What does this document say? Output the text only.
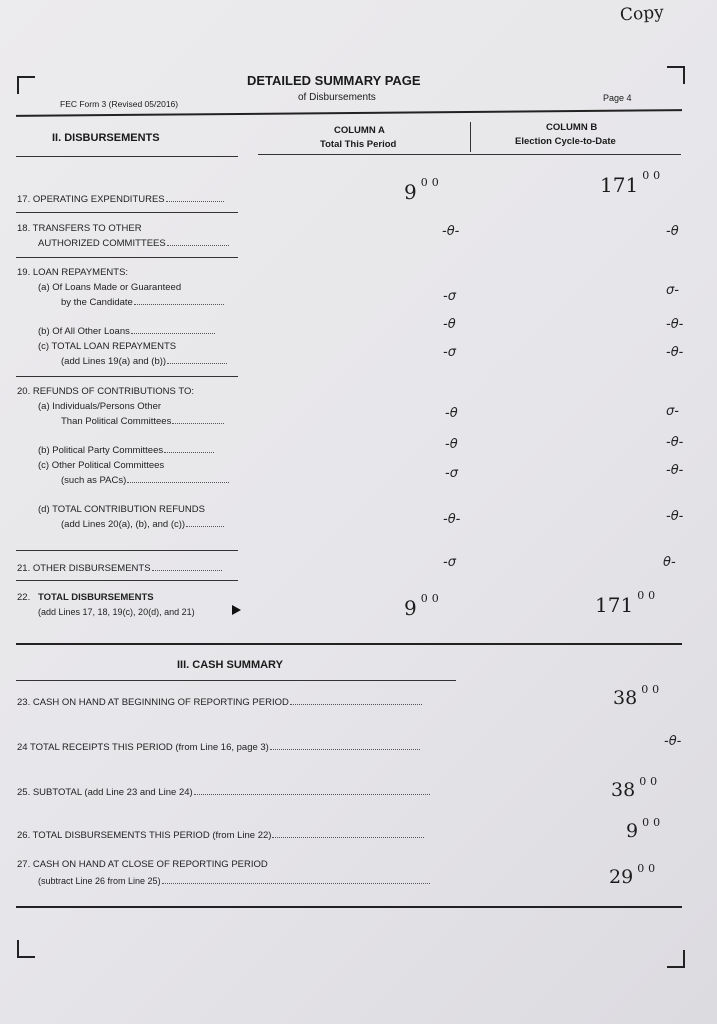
Copy
DETAILED SUMMARY PAGE
of Disbursements
FEC Form 3 (Revised 05/2016)
Page 4
II. DISBURSEMENTS
COLUMN A
Total This Period
COLUMN B
Election Cycle-to-Date
17. OPERATING EXPENDITURES	9 $^{00}$	171 $^{00}$
18. TRANSFERS TO OTHER
AUTHORIZED COMMITTEES
-θ-	-θ
19. LOAN REPAYMENTS:
(a) Of Loans Made or Guaranteed
by the Candidate	-σ	σ-
(b) Of All Other Loans	-θ	-θ-
(c) TOTAL LOAN REPAYMENTS
(add Lines 19(a) and (b))
-σ	-θ-
20. REFUNDS OF CONTRIBUTIONS TO:
(a) Individuals/Persons Other
Than Political Committees
-θ	σ-
(b) Political Party Committees	-θ	-θ-
(c) Other Political Committees
(such as PACs)	-σ	-θ-
(d) TOTAL CONTRIBUTION REFUNDS
(add Lines 20(a), (b), and (c))	-θ-	-θ-
21. OTHER DISBURSEMENTS	-σ	θ-
22. TOTAL DISBURSEMENTS
(add Lines 17, 18, 19(c), 20(d), and 21)	9 $^{00}$	171 $^{00}$
III. CASH SUMMARY
23. CASH ON HAND AT BEGINNING OF REPORTING PERIOD	38 $^{00}$
24 TOTAL RECEIPTS THIS PERIOD (from Line 16, page 3)	-θ-
25. SUBTOTAL (add Line 23 and Line 24)	38 $^{00}$
26. TOTAL DISBURSEMENTS THIS PERIOD (from Line 22)	9 $^{00}$
27. CASH ON HAND AT CLOSE OF REPORTING PERIOD
(subtract Line 26 from Line 25)	29 $^{00}$
